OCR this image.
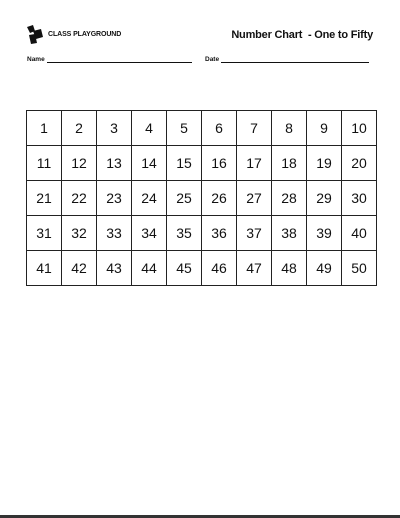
CLASS PLAYGROUND	Number Chart  - One to Fifty
Name	Date
1	2	3	4	5	6	7	8	9	10
11	12	13	14	15	16	17	18	19	20
21	22	23	24	25	26	27	28	29	30
31	32	33	34	35	36	37	38	39	40
41	42	43	44	45	46	47	48	49	50
